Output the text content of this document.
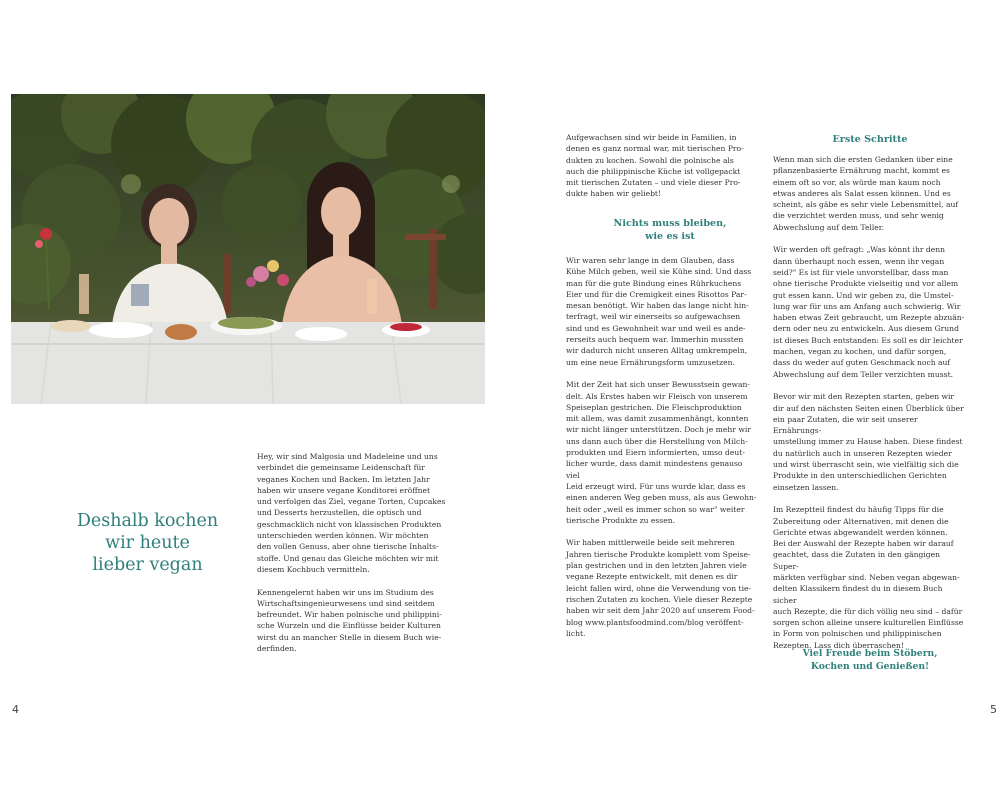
Deshalb kochen
wir heute
lieber vegan

Hey, wir sind Malgosia und Madeleine und uns
verbindet die gemeinsame Leidenschaft für
veganes Kochen und Backen. Im letzten Jahr
haben wir unsere vegane Konditorei eröffnet
und verfolgen das Ziel, vegane Torten, Cupcakes
und Desserts herzustellen, die optisch und
geschmacklich nicht von klassischen Produkten
unterschieden werden können. Wir möchten
den vollen Genuss, aber ohne tierische Inhalts-
stoffe. Und genau das Gleiche möchten wir mit
diesem Kochbuch vermitteln.

Kennengelernt haben wir uns im Studium des
Wirtschaftsingenieurwesens und sind seitdem
befreundet. Wir haben polnische und philippini-
sche Wurzeln und die Einflüsse beider Kulturen
wirst du an mancher Stelle in diesem Buch wie-
derfinden.

Aufgewachsen sind wir beide in Familien, in
denen es ganz normal war, mit tierischen Pro-
dukten zu kochen. Sowohl die polnische als
auch die philippinische Küche ist vollgepackt
mit tierischen Zutaten – und viele dieser Pro-
dukte haben wir geliebt!

Nichts muss bleiben,
wie es ist

Wir waren sehr lange in dem Glauben, dass
Kühe Milch geben, weil sie Kühe sind. Und dass
man für die gute Bindung eines Rührkuchens
Eier und für die Cremigkeit eines Risottos Par-
mesan benötigt. Wir haben das lange nicht hin-
terfragt, weil wir einerseits so aufgewachsen
sind und es Gewohnheit war und weil es ande-
rerseits auch bequem war. Immerhin mussten
wir dadurch nicht unseren Alltag umkrempeln,
um eine neue Ernährungsform umzusetzen.

Mit der Zeit hat sich unser Bewusstsein gewan-
delt. Als Erstes haben wir Fleisch von unserem
Speiseplan gestrichen. Die Fleischproduktion
mit allem, was damit zusammenhängt, konnten
wir nicht länger unterstützen. Doch je mehr wir
uns dann auch über die Herstellung von Milch-
produkten und Eiern informierten, umso deut-
licher wurde, dass damit mindestens genauso viel
Leid erzeugt wird. Für uns wurde klar, dass es
einen anderen Weg geben muss, als aus Gewohn-
heit oder „weil es immer schon so war" weiter
tierische Produkte zu essen.

Wir haben mittlerweile beide seit mehreren
Jahren tierische Produkte komplett vom Speise-
plan gestrichen und in den letzten Jahren viele
vegane Rezepte entwickelt, mit denen es dir
leicht fallen wird, ohne die Verwendung von tie-
rischen Zutaten zu kochen. Viele dieser Rezepte
haben wir seit dem Jahr 2020 auf unserem Food-
blog www.plantsfoodmind.com/blog veröffent-
licht.

Erste Schritte

Wenn man sich die ersten Gedanken über eine
pflanzenbasierte Ernährung macht, kommt es
einem oft so vor, als würde man kaum noch
etwas anderes als Salat essen können. Und es
scheint, als gäbe es sehr viele Lebensmittel, auf
die verzichtet werden muss, und sehr wenig
Abwechslung auf dem Teller.

Wir werden oft gefragt: „Was könnt ihr denn
dann überhaupt noch essen, wenn ihr vegan
seid?" Es ist für viele unvorstellbar, dass man
ohne tierische Produkte vielseitig und vor allem
gut essen kann. Und wir geben zu, die Umstel-
lung war für uns am Anfang auch schwierig. Wir
haben etwas Zeit gebraucht, um Rezepte abzuän-
dern oder neu zu entwickeln. Aus diesem Grund
ist dieses Buch entstanden: Es soll es dir leichter
machen, vegan zu kochen, und dafür sorgen,
dass du weder auf guten Geschmack noch auf
Abwechslung auf dem Teller verzichten musst.

Bevor wir mit den Rezepten starten, geben wir
dir auf den nächsten Seiten einen Überblick über
ein paar Zutaten, die wir seit unserer Ernährungs-
umstellung immer zu Hause haben. Diese findest
du natürlich auch in unseren Rezepten wieder
und wirst überrascht sein, wie vielfältig sich die
Produkte in den unterschiedlichen Gerichten
einsetzen lassen.

Im Rezeptteil findest du häufig Tipps für die
Zubereitung oder Alternativen, mit denen die
Gerichte etwas abgewandelt werden können.
Bei der Auswahl der Rezepte haben wir darauf
geachtet, dass die Zutaten in den gängigen Super-
märkten verfügbar sind. Neben vegan abgewan-
delten Klassikern findest du in diesem Buch sicher
auch Rezepte, die für dich völlig neu sind – dafür
sorgen schon alleine unsere kulturellen Einflüsse
in Form von polnischen und philippinischen
Rezepten. Lass dich überraschen!

Viel Freude beim Stöbern,
Kochen und Genießen!
4	5
